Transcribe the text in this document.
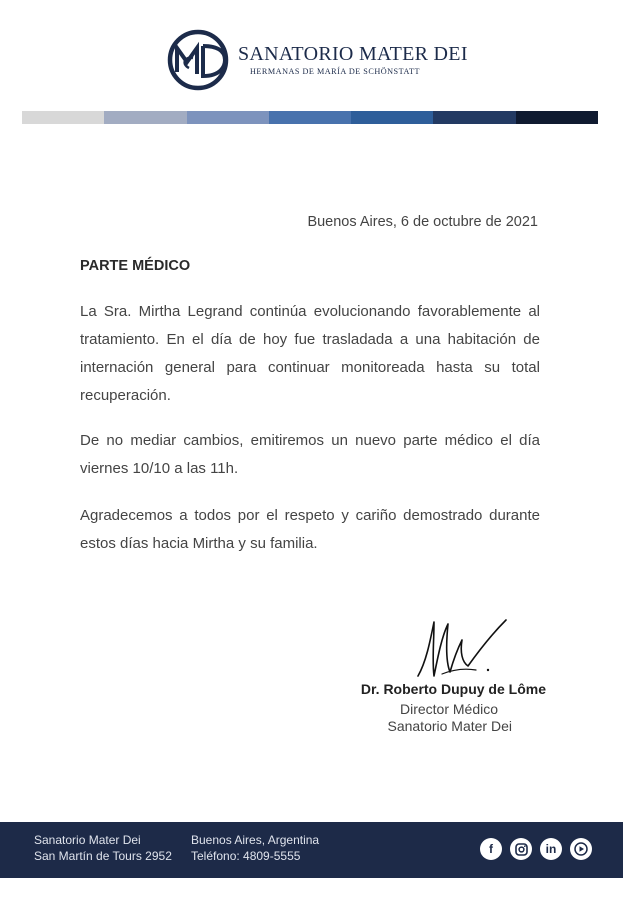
SANATORIO MATER DEI
HERMANAS DE MARÍA DE SCHÖNSTATT
Buenos Aires, 6 de octubre de 2021
PARTE MÉDICO

La Sra. Mirtha Legrand continúa evolucionando favorablemente al tratamiento. En el día de hoy fue trasladada a una habitación de internación general para continuar monitoreada hasta su total recuperación.

De no mediar cambios, emitiremos un nuevo parte médico el día viernes 10/10 a las 11h.

Agradecemos a todos por el respeto y cariño demostrado durante estos días hacia Mirtha y su familia.

Dr. Roberto Dupuy de Lôme

Director Médico

Sanatorio Mater Dei

Sanatorio Mater Dei
San Martín de Tours 2952
Buenos Aires, Argentina
Teléfono: 4809-5555	f	in
